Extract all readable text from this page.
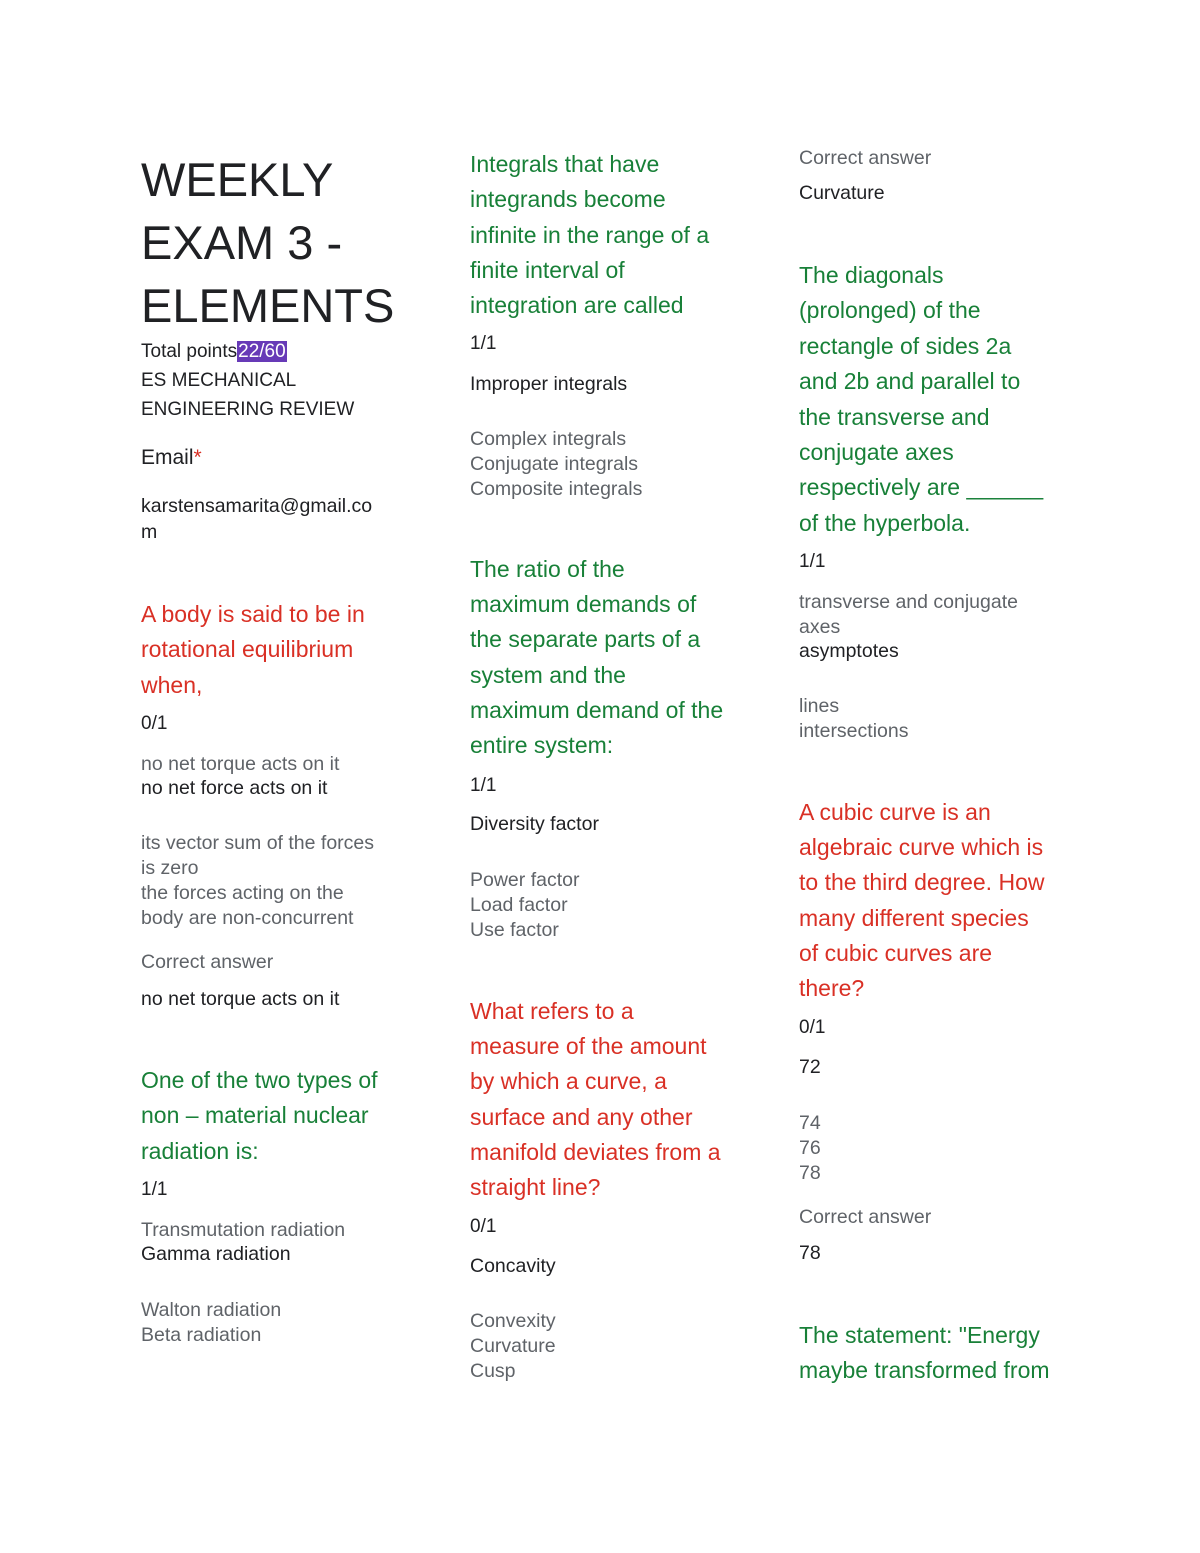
WEEKLY
EXAM 3 -
ELEMENTS
Total points22/60
ES MECHANICAL
ENGINEERING REVIEW
Email*
karstensamarita@gmail.co
m
A body is said to be in
rotational equilibrium
when,
0/1
no net torque acts on it
no net force acts on it
its vector sum of the forces
is zero
the forces acting on the
body are non-concurrent
Correct answer
no net torque acts on it
One of the two types of
non – material nuclear
radiation is:
1/1
Transmutation radiation
Gamma radiation
Walton radiation
Beta radiation
Integrals that have
integrands become
infinite in the range of a
finite interval of
integration are called
1/1
Improper integrals
Complex integrals
Conjugate integrals
Composite integrals
The ratio of the
maximum demands of
the separate parts of a
system and the
maximum demand of the
entire system:
1/1
Diversity factor
Power factor
Load factor
Use factor
What refers to a
measure of the amount
by which a curve, a
surface and any other
manifold deviates from a
straight line?
0/1
Concavity
Convexity
Curvature
Cusp
Correct answer
Curvature
The diagonals
(prolonged) of the
rectangle of sides 2a
and 2b and parallel to
the transverse and
conjugate axes
respectively are ______
of the hyperbola.
1/1
transverse and conjugate
axes
asymptotes
lines
intersections
A cubic curve is an
algebraic curve which is
to the third degree. How
many different species
of cubic curves are
there?
0/1
72
74
76
78
Correct answer
78
The statement: "Energy
maybe transformed from
